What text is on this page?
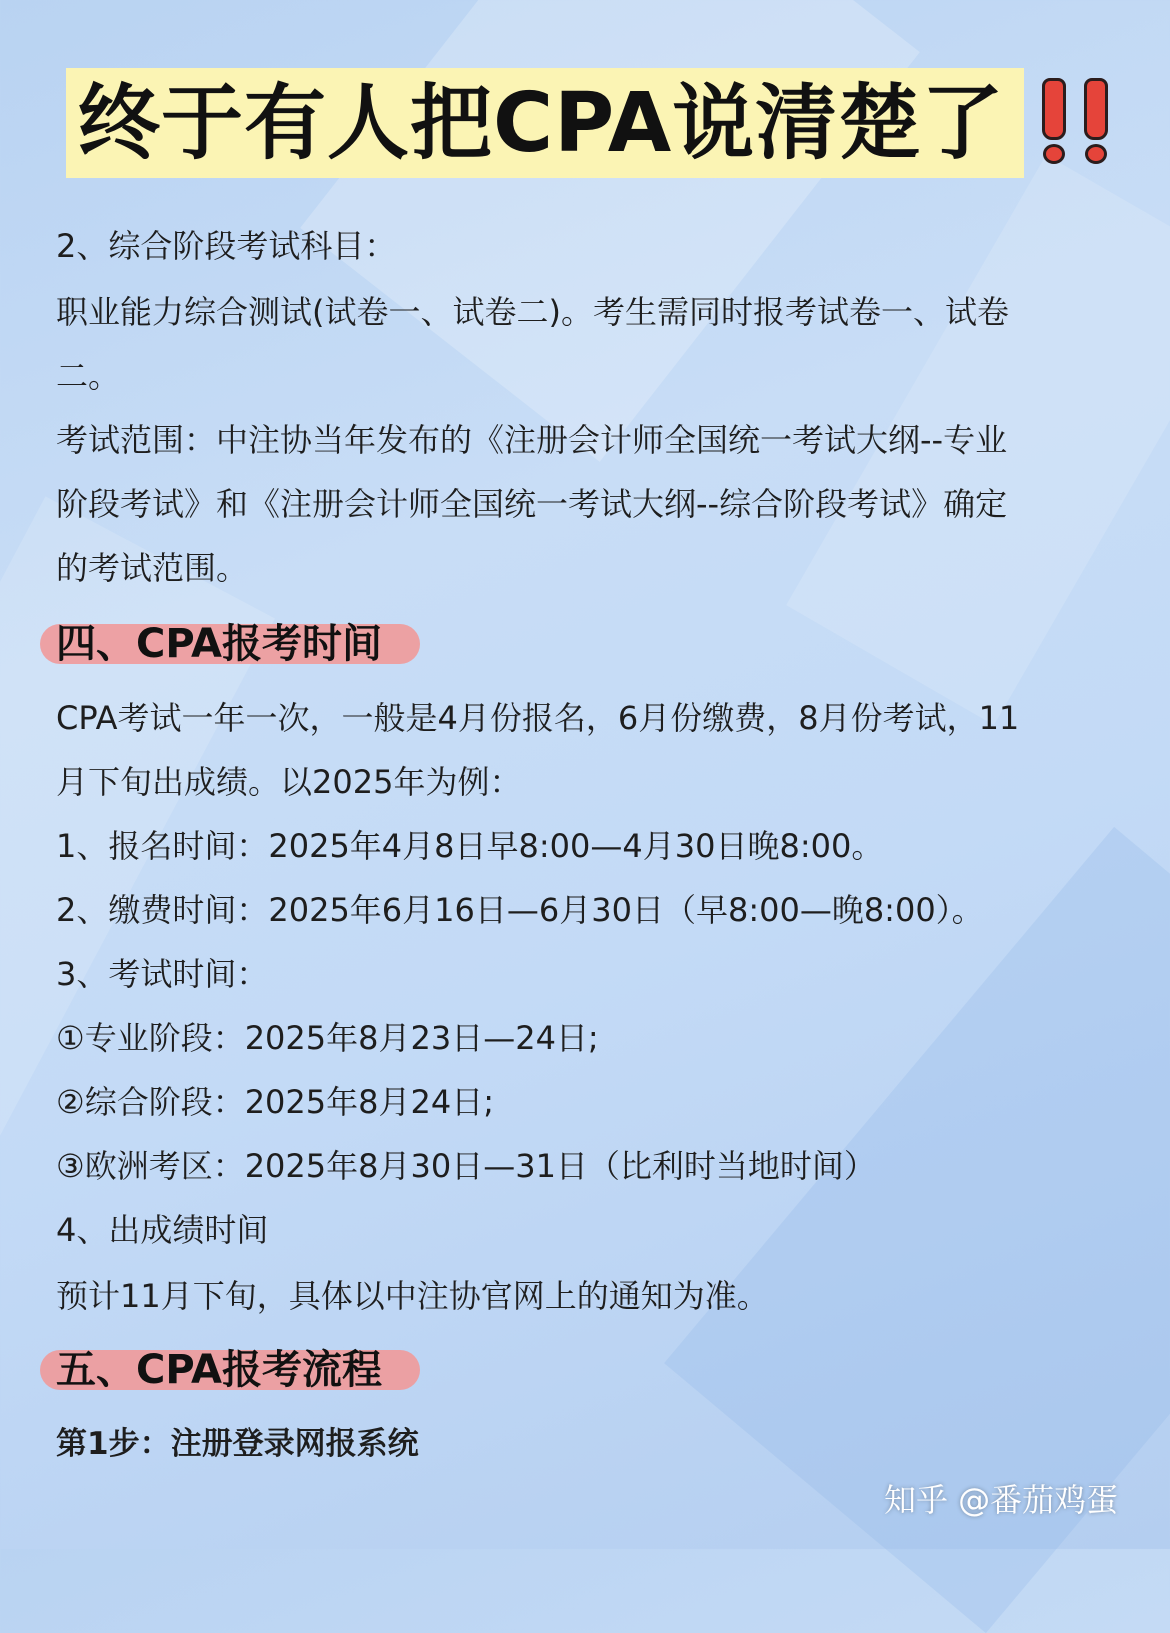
终于有人把CPA说清楚了
2、综合阶段考试科目：
职业能力综合测试(试卷一、试卷二)。考生需同时报考试卷一、试卷
二。
考试范围：中注协当年发布的《注册会计师全国统一考试大纲--专业
阶段考试》和《注册会计师全国统一考试大纲--综合阶段考试》确定
的考试范围。
四、CPA报考时间
CPA考试一年一次，一般是4月份报名，6月份缴费，8月份考试，11
月下旬出成绩。以2025年为例：
1、报名时间：2025年4月8日早8:00—4月30日晚8:00。
2、缴费时间：2025年6月16日—6月30日（早8:00—晚8:00）。
3、考试时间：
①专业阶段：2025年8月23日—24日;
②综合阶段：2025年8月24日;
③欧洲考区：2025年8月30日—31日（比利时当地时间）
4、出成绩时间
预计11月下旬，具体以中注协官网上的通知为准。
五、CPA报考流程
第1步：注册登录网报系统
知乎 @番茄鸡蛋
